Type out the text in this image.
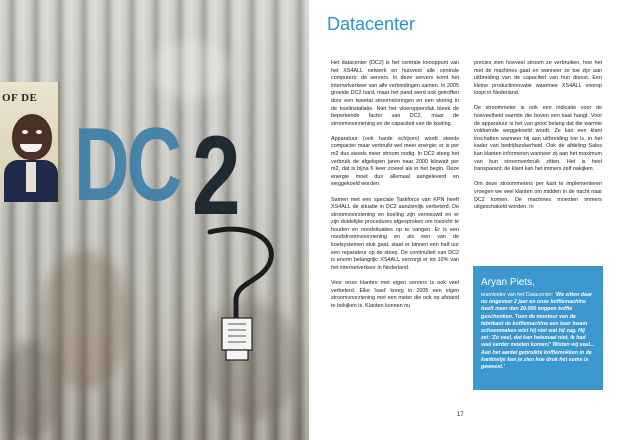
OF DE
DC 2
Datacenter

Het datacenter (DC2) is het centrale knooppunt van het XS4ALL netwerk en huisvest alle centrale computers: de servers. In deze servers komt het internetverkeer van alle verbindingen samen. In 2005 groeide DC2 hard, maar het pand werd ook getroffen door een tweetal stroomstoringen en een storing in de koelinstallatie. Niet het vloeroppervlak bleek de beperkende factor van DC2, maar de stroomvoorziening en de capaciteit van de koeling.

Apparatuur (ook harde schijven) wordt steeds compacter maar verbruikt wel meer energie; er is per m2 dus steeds meer stroom nodig. In DC2 steeg het verbruik de afgelopen jaren naar 2000 kilowatt per m2, dat is bijna 6 keer zoveel als in het begin. Deze energie moet dus allemaal aangeleverd en weggekoeld worden.

Samen met een speciale Taskforce van KPN heeft XS4ALL de situatie in DC2 aanzienlijk verbeterd. De stroomvoorziening en koeling zijn vernieuwd en er zijn duidelijke procedures afgesproken om toezicht te houden en noodsituaties op te vangen. Er is een noodstroomvoorziening en als een van de koelsystemen stuk gaat, staat er binnen een half uur een reparateur op de stoep. De continuïteit van DC2 is enorm belangrijk: XS4ALL verzorgt er tot 10% van het internetverkeer in Nederland.

Voor onze klanten met eigen servers is ook veel verbeterd. Elke 'kast' kreeg in 2005 een eigen stroomvoorziening met een meter die ook op afstand te bekijken is. Klanten kunnen nu

precies zien hoeveel stroom ze verbruiken, hoe het met de machines gaat en wanneer ze toe zijn aan uitbreiding van de capaciteit van hun dienst. Een kleine productinnovatie waarmee XS4ALL voorop loopt in Nederland.

De stroommeter is ook een indicatie voor de hoeveelheid warmte die boven een kast hangt. Voor de apparatuur is het van groot belang dat die warmte voldoende weggekoeld wordt. Ze kan een klant inschatten wanneer hij aan uitbreiding toe is, in het kader van bedrijfszekerheid. Ook de afdeling Sales kan klanten informeren wanneer zij aan het maximum van hun stroomverbruik zitten. Het is heel transparant; de klant kan het immers zelf nakijken.

Om deze stroommeters per kast te implementeren vroegen we veel klanten om midden in de nacht naar DC2 komen. De machines moesten immers uitgeschakeld worden. In

Aryan Piets,
teamleider van het Datacenter: 'We zitten daar nu ongeveer 2 jaar en onze koffiemachine heeft meer dan 20.000 koppen koffie geschonken. Toen de monteur van de fabrikant de koffiemachine een keer kwam schoonmaken wist hij niet wat hij zag. Hij zei: 'Zo veel, dat kan helemaal niet, ik had veel eerder moeten komen!' Wisten wij veel... Aan het aantal gebruikte koffiemokken in de kantinetje kan je zien hoe druk het soms is geweest.'
17
